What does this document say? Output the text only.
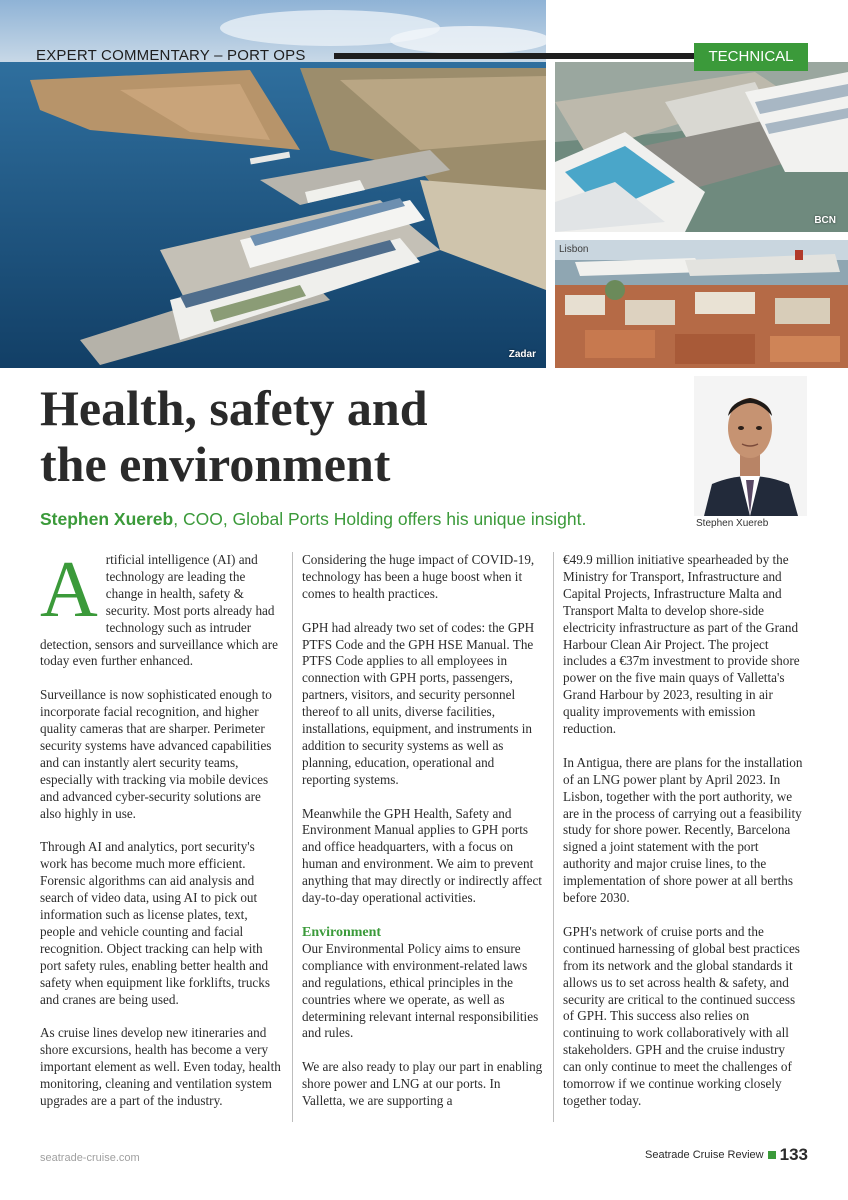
Zadar
BCN
Lisbon
EXPERT COMMENTARY – PORT OPS	TECHNICAL
Health, safety and
the environment
Stephen Xuereb, COO, Global Ports Holding offers his unique insight.	Stephen Xuereb

Artificial intelligence (AI) and technology are leading the change in health, safety & security. Most ports already had technology such as intruder detection, sensors and surveillance which are today even further enhanced.

Surveillance is now sophisticated enough to incorporate facial recognition, and higher quality cameras that are sharper. Perimeter security systems have advanced capabilities and can instantly alert security teams, especially with tracking via mobile devices and advanced cyber-security solutions are also highly in use.

Through AI and analytics, port security's work has become much more efficient. Forensic algorithms can aid analysis and search of video data, using AI to pick out information such as license plates, text, people and vehicle counting and facial recognition. Object tracking can help with port safety rules, enabling better health and safety when equipment like forklifts, trucks and cranes are being used.

As cruise lines develop new itineraries and shore excursions, health has become a very important element as well. Even today, health monitoring, cleaning and ventilation system upgrades are a part of the industry.

Considering the huge impact of COVID-19, technology has been a huge boost when it comes to health practices.

GPH had already two set of codes: the GPH PTFS Code and the GPH HSE Manual. The PTFS Code applies to all employees in connection with GPH ports, passengers, partners, visitors, and security personnel thereof to all units, diverse facilities, installations, equipment, and instruments in addition to security systems as well as planning, education, operational and reporting systems.

Meanwhile the GPH Health, Safety and Environment Manual applies to GPH ports and office headquarters, with a focus on human and environment. We aim to prevent anything that may directly or indirectly affect day-to-day operational activities.

Environment

Our Environmental Policy aims to ensure compliance with environment-related laws and regulations, ethical principles in the countries where we operate, as well as determining relevant internal responsibilities and rules.

We are also ready to play our part in enabling shore power and LNG at our ports. In Valletta, we are supporting a

€49.9 million initiative spearheaded by the Ministry for Transport, Infrastructure and Capital Projects, Infrastructure Malta and Transport Malta to develop shore-side electricity infrastructure as part of the Grand Harbour Clean Air Project. The project includes a €37m investment to provide shore power on the five main quays of Valletta's Grand Harbour by 2023, resulting in air quality improvements with emission reduction.

In Antigua, there are plans for the installation of an LNG power plant by April 2023. In Lisbon, together with the port authority, we are in the process of carrying out a feasibility study for shore power. Recently, Barcelona signed a joint statement with the port authority and major cruise lines, to the implementation of shore power at all berths before 2030.

GPH's network of cruise ports and the continued harnessing of global best practices from its network and the global standards it allows us to set across health & safety, and security are critical to the continued success of GPH. This success also relies on continuing to work collaboratively with all stakeholders. GPH and the cruise industry can only continue to meet the challenges of tomorrow if we continue working closely together today.

seatrade-cruise.com	Seatrade Cruise Review 133
